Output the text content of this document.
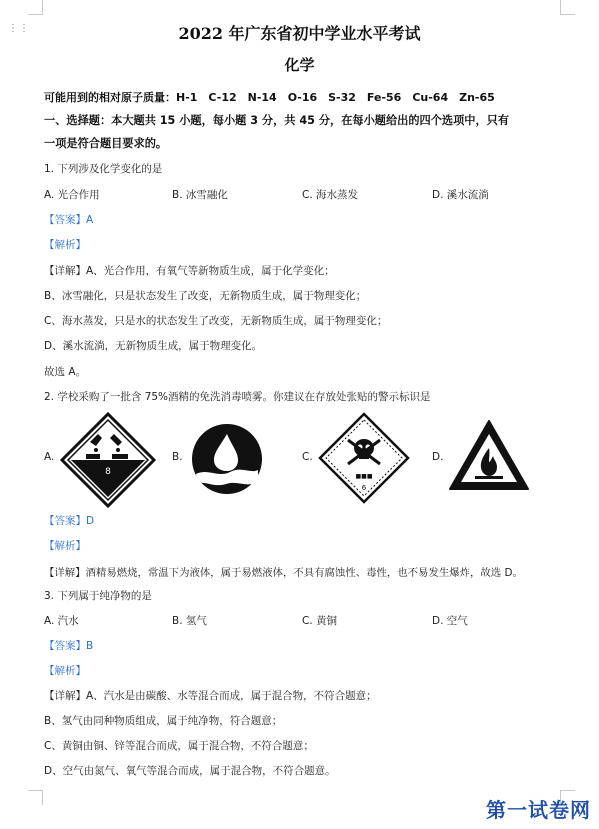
⋮⋮	2022 年广东省初中学业水平考试
化学
可能用到的相对原子质量：H-1　C-12　N-14　O-16　S-32　Fe-56　Cu-64　Zn-65
一、选择题：本大题共 15 小题，每小题 3 分，共 45 分，在每小题给出的四个选项中，只有
一项是符合题目要求的。
1. 下列涉及化学变化的是
A. 光合作用	B. 冰雪融化	C. 海水蒸发	D. 溪水流淌
【答案】A
【解析】
【详解】A、光合作用，有氧气等新物质生成，属于化学变化；
B、冰雪融化，只是状态发生了改变，无新物质生成，属于物理变化；
C、海水蒸发，只是水的状态发生了改变，无新物质生成，属于物理变化；
D、溪水流淌，无新物质生成，属于物理变化。
故选 A。
2. 学校采购了一批含 75%酒精的免洗消毒喷雾。你建议在存放处张贴的警示标识是
A.
8
B.	C.
■■■
6
D.
【答案】D
【解析】
【详解】酒精易燃烧，常温下为液体，属于易燃液体，不具有腐蚀性、毒性，也不易发生爆炸，故选 D。
3. 下列属于纯净物的是
A. 汽水	B. 氢气	C. 黄铜	D. 空气
【答案】B
【解析】
【详解】A、汽水是由碳酸、水等混合而成，属于混合物，不符合题意；
B、氢气由同种物质组成，属于纯净物，符合题意；
C、黄铜由铜、锌等混合而成，属于混合物，不符合题意；
D、空气由氮气、氧气等混合而成，属于混合物，不符合题意。
第一试卷网
